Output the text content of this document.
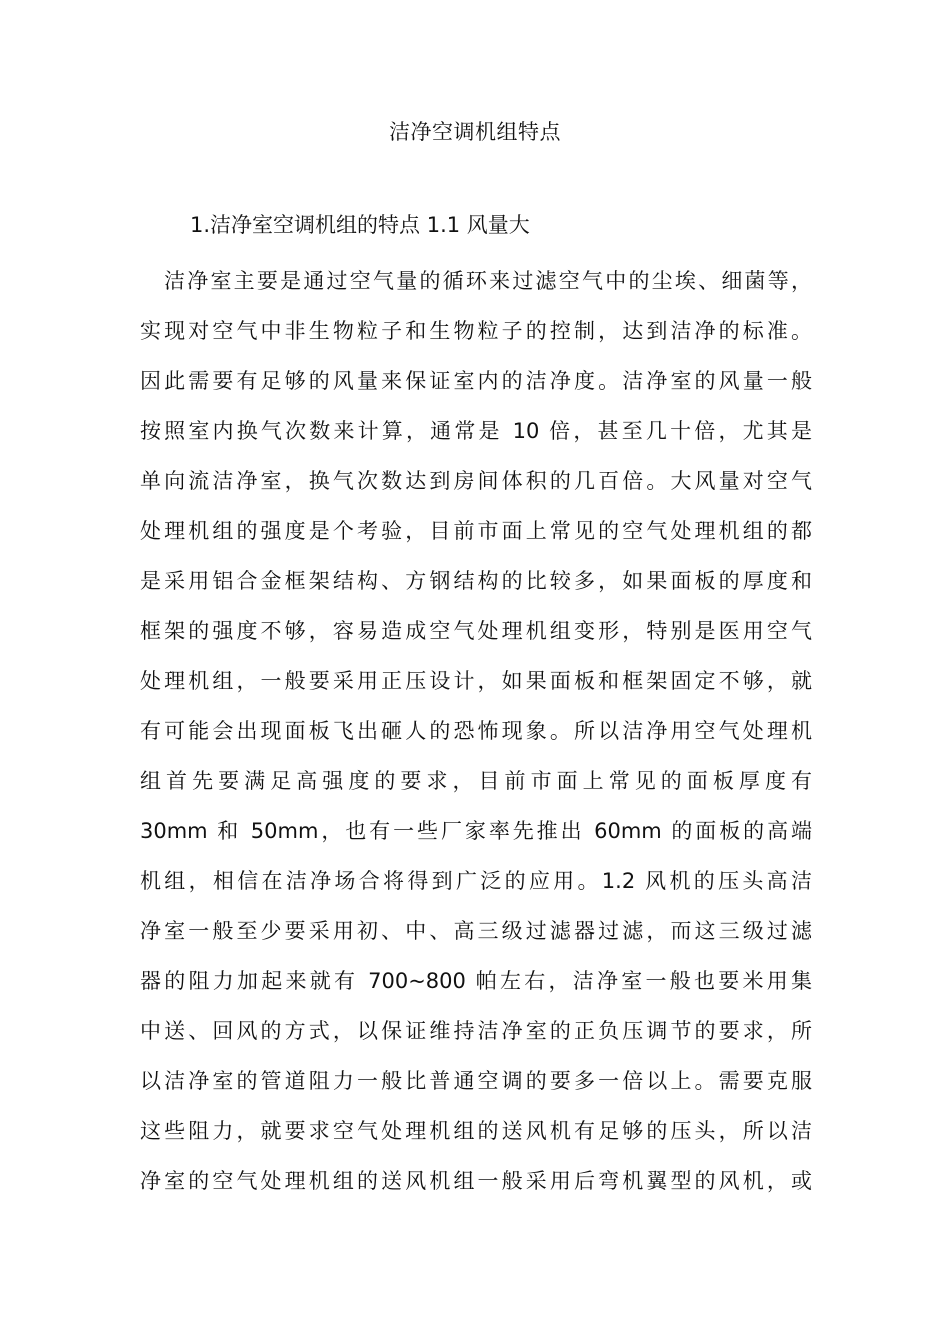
洁净空调机组特点

1.洁净室空调机组的特点 1.1 风量大

洁净室主要是通过空气量的循环来过滤空气中的尘埃、细菌等，
实现对空气中非生物粒子和生物粒子的控制，达到洁净的标准。
因此需要有足够的风量来保证室内的洁净度。洁净室的风量一般
按照室内换气次数来计算，通常是 10 倍，甚至几十倍，尤其是
单向流洁净室，换气次数达到房间体积的几百倍。大风量对空气
处理机组的强度是个考验，目前市面上常见的空气处理机组的都
是采用铝合金框架结构、方钢结构的比较多，如果面板的厚度和
框架的强度不够，容易造成空气处理机组变形，特别是医用空气
处理机组，一般要采用正压设计，如果面板和框架固定不够，就
有可能会出现面板飞出砸人的恐怖现象。所以洁净用空气处理机
组首先要满足高强度的要求，目前市面上常见的面板厚度有
30mm 和 50mm，也有一些厂家率先推出 60mm 的面板的高端
机组，相信在洁净场合将得到广泛的应用。1.2 风机的压头高洁
净室一般至少要采用初、中、高三级过滤器过滤，而这三级过滤
器的阻力加起来就有 700~800 帕左右，洁净室一般也要米用集
中送、回风的方式，以保证维持洁净室的正负压调节的要求，所
以洁净室的管道阻力一般比普通空调的要多一倍以上。需要克服
这些阻力，就要求空气处理机组的送风机有足够的压头，所以洁
净室的空气处理机组的送风机组一般采用后弯机翼型的风机，或
